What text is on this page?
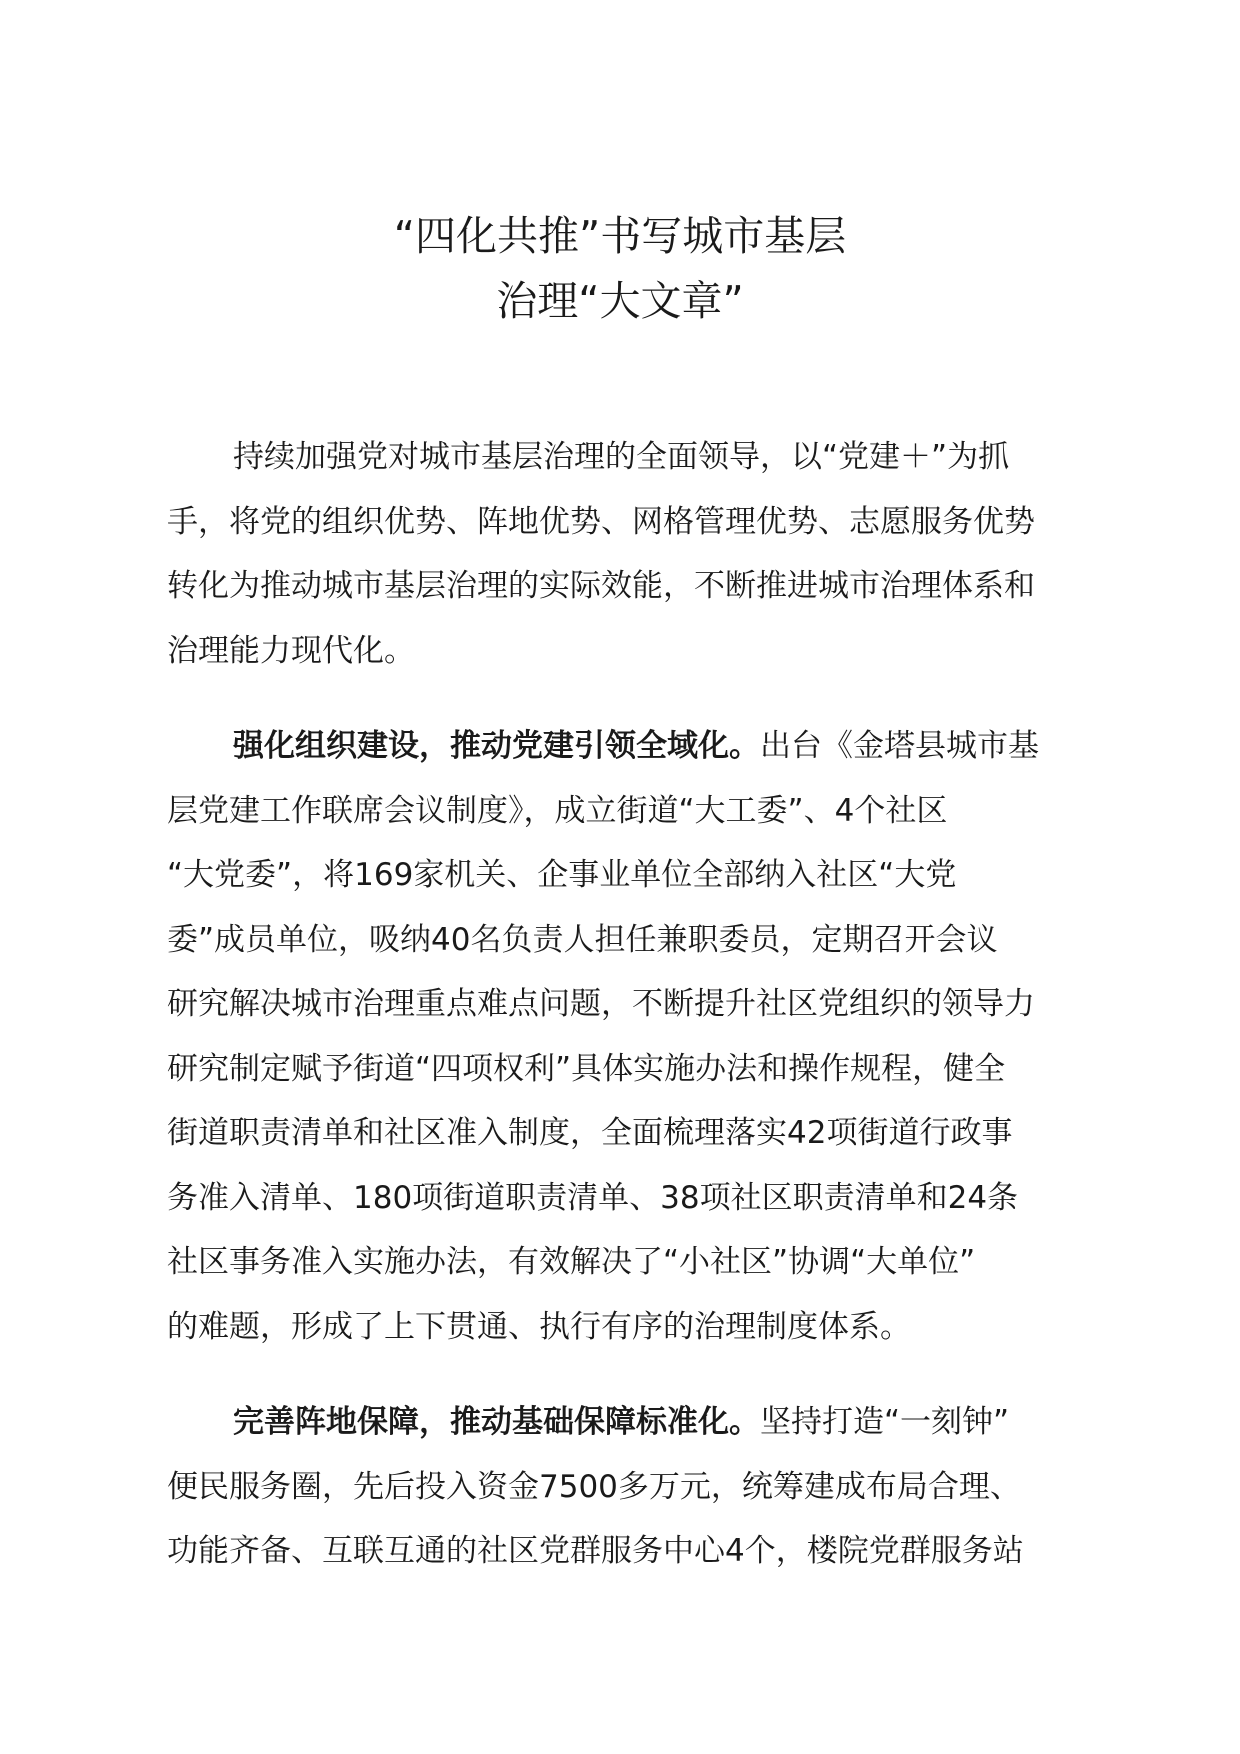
“四化共推”书写城市基层
治理“大文章”
持续加强党对城市基层治理的全面领导，以“党建＋”为抓
手，将党的组织优势、阵地优势、网格管理优势、志愿服务优势
转化为推动城市基层治理的实际效能，不断推进城市治理体系和
治理能力现代化。
强化组织建设，推动党建引领全域化。出台《金塔县城市基
层党建工作联席会议制度》，成立街道“大工委”、4个社区
“大党委”，将169家机关、企事业单位全部纳入社区“大党
委”成员单位，吸纳40名负责人担任兼职委员，定期召开会议
研究解决城市治理重点难点问题，不断提升社区党组织的领导力
研究制定赋予街道“四项权利”具体实施办法和操作规程，健全
街道职责清单和社区准入制度，全面梳理落实42项街道行政事
务准入清单、180项街道职责清单、38项社区职责清单和24条
社区事务准入实施办法，有效解决了“小社区”协调“大单位”
的难题，形成了上下贯通、执行有序的治理制度体系。
完善阵地保障，推动基础保障标准化。坚持打造“一刻钟”
便民服务圈，先后投入资金7500多万元，统筹建成布局合理、
功能齐备、互联互通的社区党群服务中心4个，楼院党群服务站
